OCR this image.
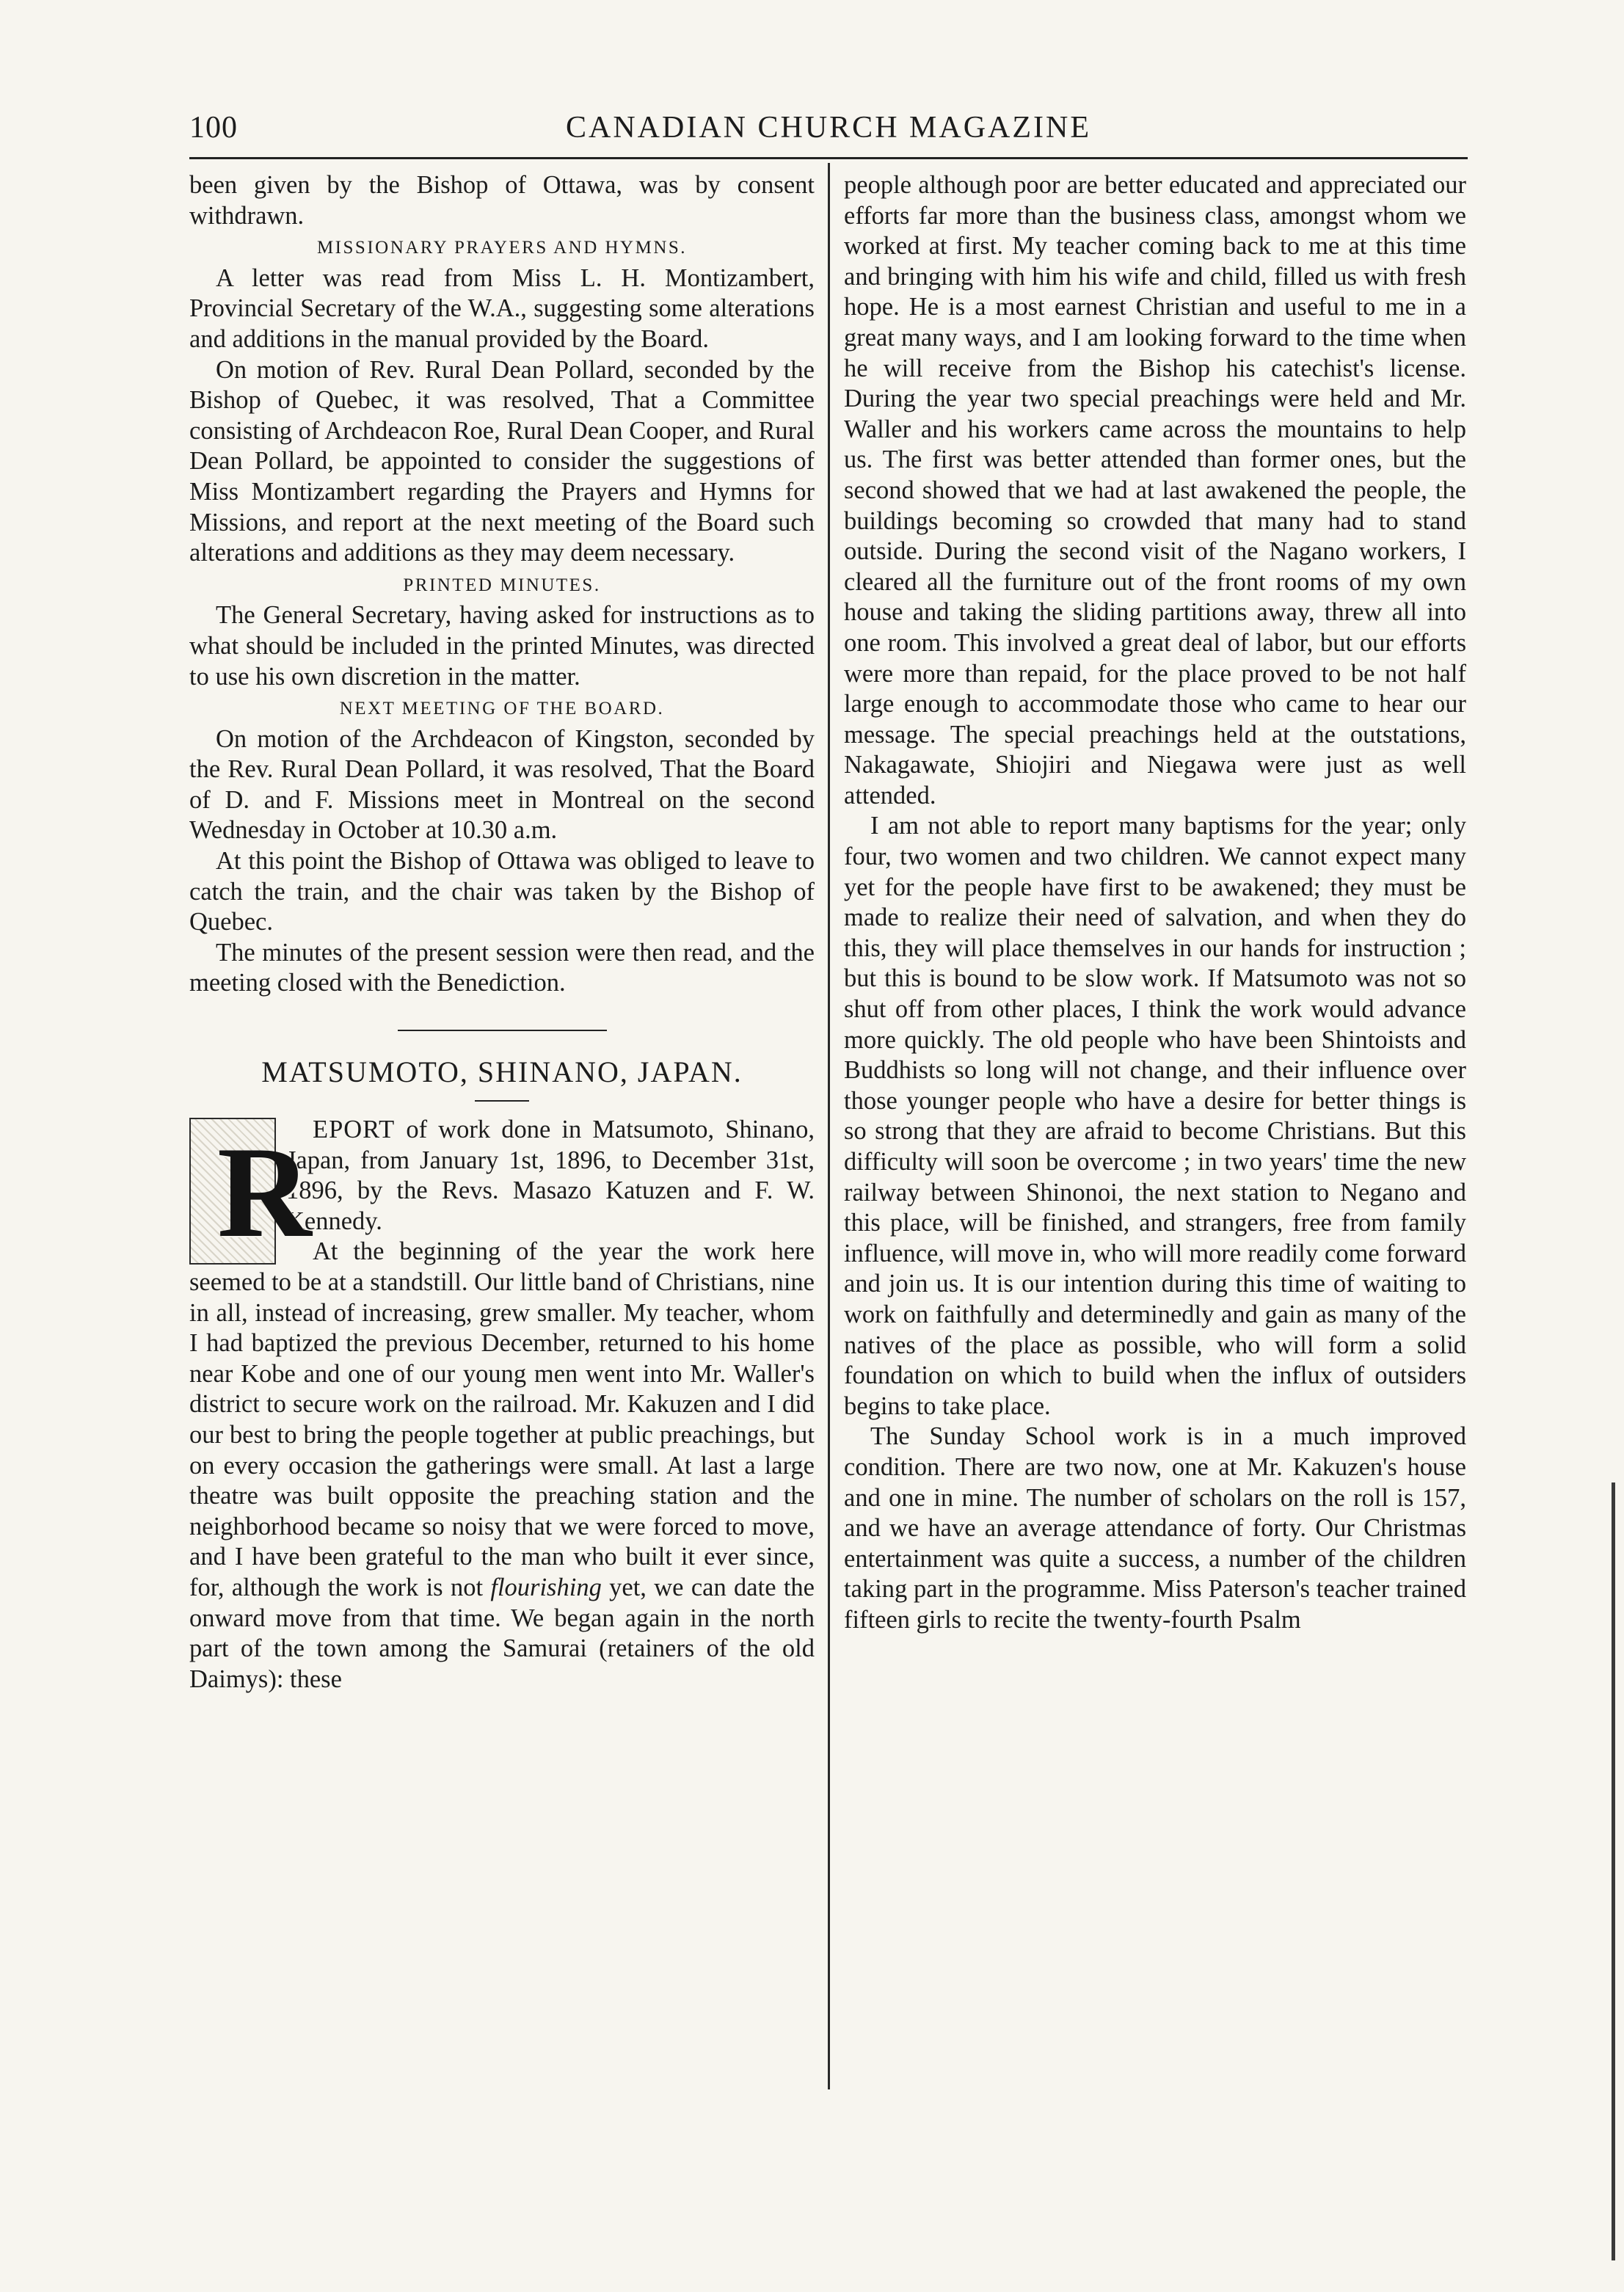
100	CANADIAN CHURCH MAGAZINE

been given by the Bishop of Ottawa, was by consent withdrawn.

MISSIONARY PRAYERS AND HYMNS.

A letter was read from Miss L. H. Montizambert, Provincial Secretary of the W.A., suggesting some alterations and additions in the manual provided by the Board.

On motion of Rev. Rural Dean Pollard, seconded by the Bishop of Quebec, it was resolved, That a Committee consisting of Archdeacon Roe, Rural Dean Cooper, and Rural Dean Pollard, be appointed to consider the suggestions of Miss Montizambert regarding the Prayers and Hymns for Missions, and report at the next meeting of the Board such alterations and additions as they may deem necessary.

PRINTED MINUTES.

The General Secretary, having asked for instructions as to what should be included in the printed Minutes, was directed to use his own discretion in the matter.

NEXT MEETING OF THE BOARD.

On motion of the Archdeacon of Kingston, seconded by the Rev. Rural Dean Pollard, it was resolved, That the Board of D. and F. Missions meet in Montreal on the second Wednesday in October at 10.30 a.m.

At this point the Bishop of Ottawa was obliged to leave to catch the train, and the chair was taken by the Bishop of Quebec.

The minutes of the present session were then read, and the meeting closed with the Benediction.

MATSUMOTO, SHINANO, JAPAN.

R EPORT of work done in Matsumoto, Shinano, Japan, from January 1st, 1896, to December 31st, 1896, by the Revs. Masazo Katuzen and F. W. Kennedy.

At the beginning of the year the work here seemed to be at a standstill. Our little band of Christians, nine in all, instead of increasing, grew smaller. My teacher, whom I had baptized the previous December, returned to his home near Kobe and one of our young men went into Mr. Waller's district to secure work on the railroad. Mr. Kakuzen and I did our best to bring the people together at public preachings, but on every occasion the gatherings were small. At last a large theatre was built opposite the preaching station and the neighborhood became so noisy that we were forced to move, and I have been grateful to the man who built it ever since, for, although the work is not flourishing yet, we can date the onward move from that time. We began again in the north part of the town among the Samurai (retainers of the old Daimys): these

people although poor are better educated and appreciated our efforts far more than the business class, amongst whom we worked at first. My teacher coming back to me at this time and bringing with him his wife and child, filled us with fresh hope. He is a most earnest Christian and useful to me in a great many ways, and I am looking forward to the time when he will receive from the Bishop his catechist's license. During the year two special preachings were held and Mr. Waller and his workers came across the mountains to help us. The first was better attended than former ones, but the second showed that we had at last awakened the people, the buildings becoming so crowded that many had to stand outside. During the second visit of the Nagano workers, I cleared all the furniture out of the front rooms of my own house and taking the sliding partitions away, threw all into one room. This involved a great deal of labor, but our efforts were more than repaid, for the place proved to be not half large enough to accommodate those who came to hear our message. The special preachings held at the outstations, Nakagawate, Shiojiri and Niegawa were just as well attended.

I am not able to report many baptisms for the year; only four, two women and two children. We cannot expect many yet for the people have first to be awakened; they must be made to realize their need of salvation, and when they do this, they will place themselves in our hands for instruction ; but this is bound to be slow work. If Matsumoto was not so shut off from other places, I think the work would advance more quickly. The old people who have been Shintoists and Buddhists so long will not change, and their influence over those younger people who have a desire for better things is so strong that they are afraid to become Christians. But this difficulty will soon be overcome ; in two years' time the new railway between Shinonoi, the next station to Negano and this place, will be finished, and strangers, free from family influence, will move in, who will more readily come forward and join us. It is our intention during this time of waiting to work on faithfully and determinedly and gain as many of the natives of the place as possible, who will form a solid foundation on which to build when the influx of outsiders begins to take place.

The Sunday School work is in a much improved condition. There are two now, one at Mr. Kakuzen's house and one in mine. The number of scholars on the roll is 157, and we have an average attendance of forty. Our Christmas entertainment was quite a success, a number of the children taking part in the programme. Miss Paterson's teacher trained fifteen girls to recite the twenty-fourth Psalm
